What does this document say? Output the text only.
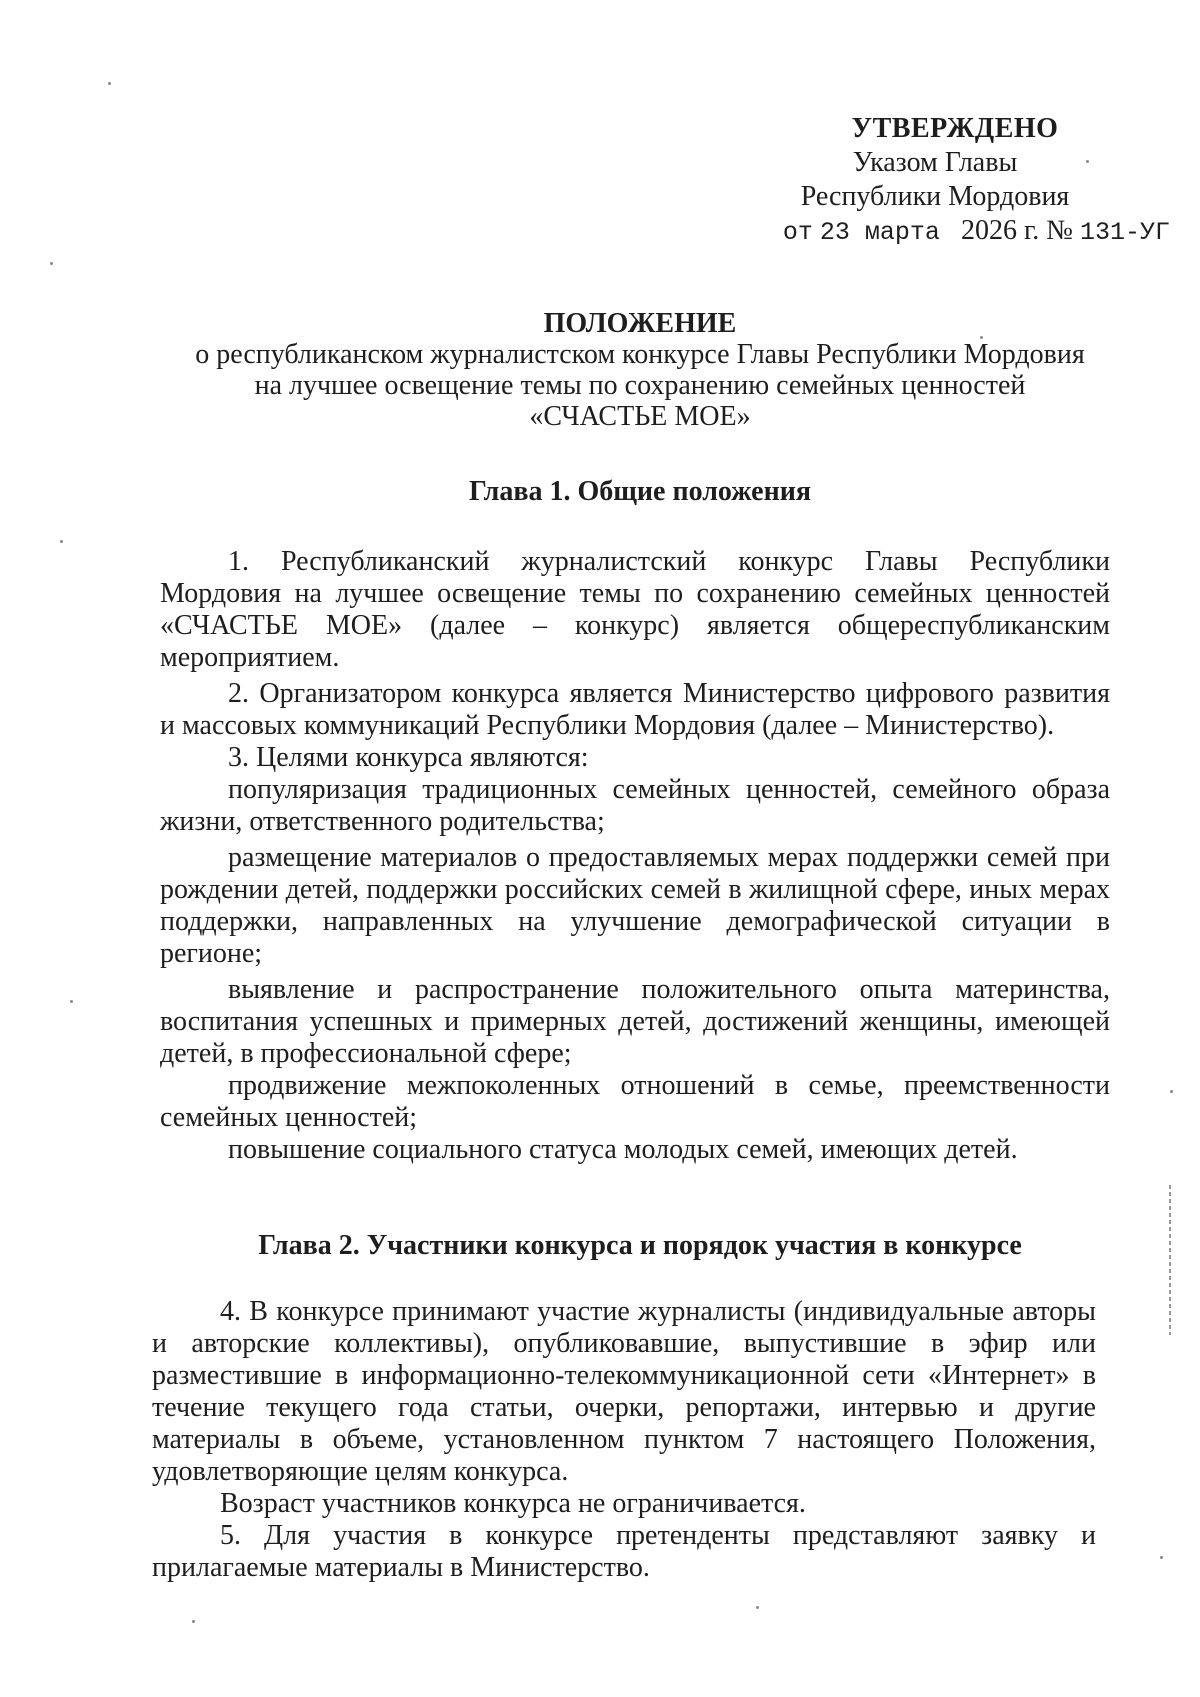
УТВЕРЖДЕНО
Указом Главы
Республики Мордовия
от 23 марта 2026 г. № 131-УГ
ПОЛОЖЕНИЕ
о республиканском журналистском конкурсе Главы Республики Мордовия
на лучшее освещение темы по сохранению семейных ценностей
«СЧАСТЬЕ МОЕ»
Глава 1. Общие положения

1. Республиканский журналистский конкурс Главы Республики Мордовия на лучшее освещение темы по сохранению семейных ценностей «СЧАСТЬЕ МОЕ» (далее – конкурс) является общереспубликанским мероприятием.

2. Организатором конкурса является Министерство цифрового развития и массовых коммуникаций Республики Мордовия (далее – Министерство).

3. Целями конкурса являются:

популяризация традиционных семейных ценностей, семейного образа жизни, ответственного родительства;

размещение материалов о предоставляемых мерах поддержки семей при рождении детей, поддержки российских семей в жилищной сфере, иных мерах поддержки, направленных на улучшение демографической ситуации в регионе;

выявление и распространение положительного опыта материнства, воспитания успешных и примерных детей, достижений женщины, имеющей детей, в профессиональной сфере;

продвижение межпоколенных отношений в семье, преемственности семейных ценностей;

повышение социального статуса молодых семей, имеющих детей.

Глава 2. Участники конкурса и порядок участия в конкурсе

4. В конкурсе принимают участие журналисты (индивидуальные авторы и авторские коллективы), опубликовавшие, выпустившие в эфир или разместившие в информационно-телекоммуникационной сети «Интернет» в течение текущего года статьи, очерки, репортажи, интервью и другие материалы в объеме, установленном пунктом 7 настоящего Положения, удовлетворяющие целям конкурса.

Возраст участников конкурса не ограничивается.

5. Для участия в конкурсе претенденты представляют заявку и прилагаемые материалы в Министерство.
